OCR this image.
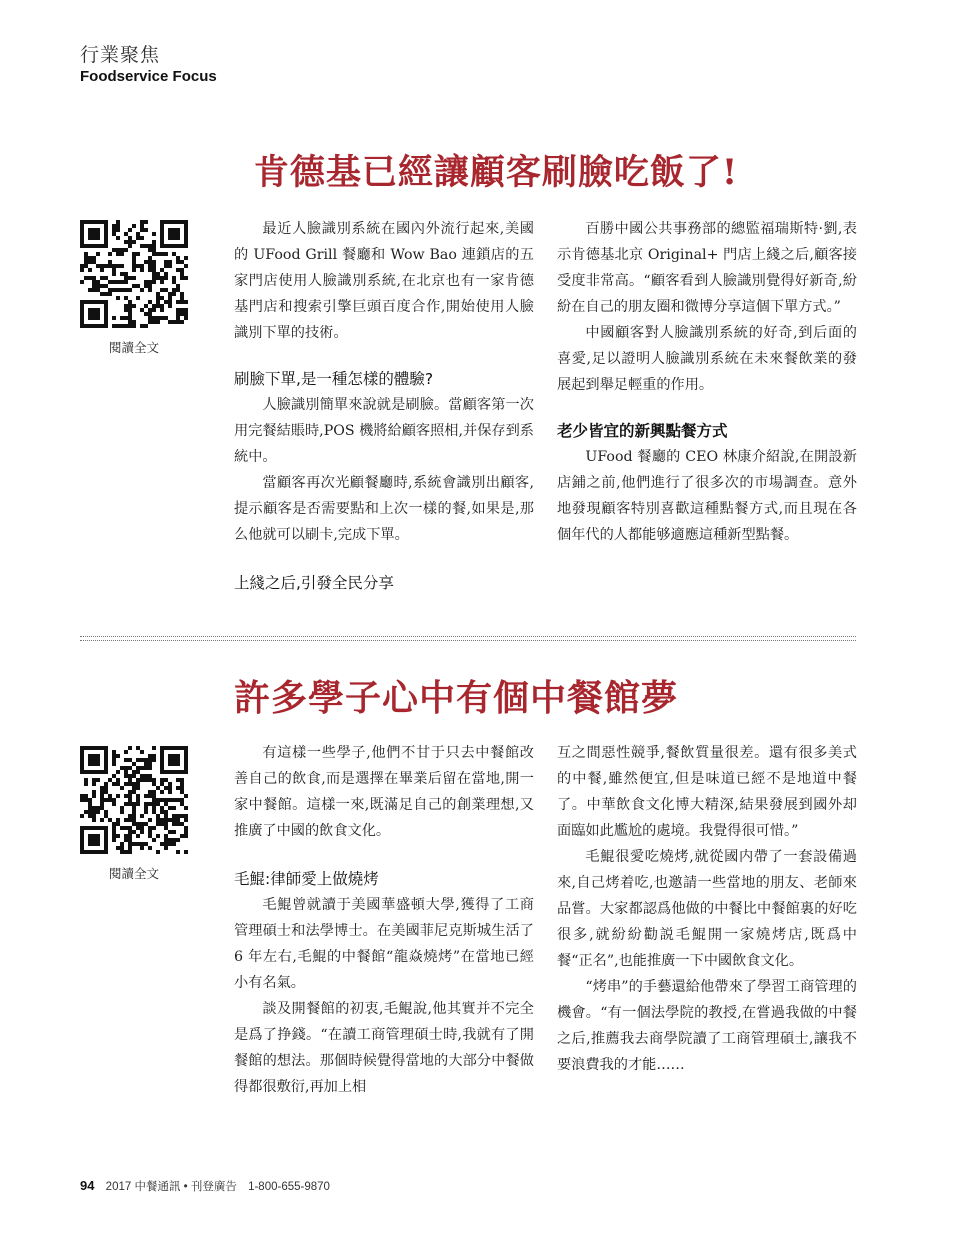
行業聚焦
Foodservice Focus
肯德基已經讓顧客刷臉吃飯了!
閱讀全文

最近人臉識別系統在國內外流行起來,美國的 UFood Grill 餐廳和 Wow Bao 連鎖店的五家門店使用人臉識別系統,在北京也有一家肯德基門店和搜索引擎巨頭百度合作,開始使用人臉識別下單的技術。

刷臉下單,是一種怎樣的體驗?

人臉識別簡單來說就是刷臉。當顧客第一次用完餐結賬時,POS 機將給顧客照相,并保存到系統中。

當顧客再次光顧餐廳時,系統會識別出顧客,提示顧客是否需要點和上次一樣的餐,如果是,那么他就可以刷卡,完成下單。

上綫之后,引發全民分享

百勝中國公共事務部的總監福瑞斯特·劉,表示肯德基北京 Original+ 門店上綫之后,顧客接受度非常高。“顧客看到人臉識別覺得好新奇,紛紛在自己的朋友圈和微博分享這個下單方式。”

中國顧客對人臉識別系統的好奇,到后面的喜愛,足以證明人臉識別系統在未來餐飲業的發展起到舉足輕重的作用。

老少皆宜的新興點餐方式

UFood 餐廳的 CEO 林康介紹說,在開設新店鋪之前,他們進行了很多次的市場調查。意外地發現顧客特別喜歡這種點餐方式,而且現在各個年代的人都能够適應這種新型點餐。

許多學子心中有個中餐館夢
閱讀全文

有這樣一些學子,他們不甘于只去中餐館改善自己的飲食,而是選擇在畢業后留在當地,開一家中餐館。這樣一來,既滿足自己的創業理想,又推廣了中國的飲食文化。

毛鯤:律師愛上做燒烤

毛鯤曾就讀于美國華盛頓大學,獲得了工商管理碩士和法學博士。在美國菲尼克斯城生活了 6 年左右,毛鯤的中餐館“龍焱燒烤”在當地已經小有名氣。

談及開餐館的初衷,毛鯤說,他其實并不完全是爲了挣錢。“在讀工商管理碩士時,我就有了開餐館的想法。那個時候覺得當地的大部分中餐做得都很敷衍,再加上相

互之間惡性競爭,餐飲質量很差。還有很多美式的中餐,雖然便宜,但是味道已經不是地道中餐了。中華飲食文化博大精深,結果發展到國外却面臨如此尷尬的處境。我覺得很可惜。”

毛鯤很愛吃燒烤,就從國内帶了一套設備過來,自己烤着吃,也邀請一些當地的朋友、老師來品嘗。大家都認爲他做的中餐比中餐館裏的好吃很多,就紛紛勸説毛鯤開一家燒烤店,既爲中餐“正名”,也能推廣一下中國飲食文化。

“烤串”的手藝還給他帶來了學習工商管理的機會。“有一個法學院的教授,在嘗過我做的中餐之后,推薦我去商學院讀了工商管理碩士,讓我不要浪費我的才能……

94 2017 中餐通訊 • 刊登廣告 1-800-655-9870
